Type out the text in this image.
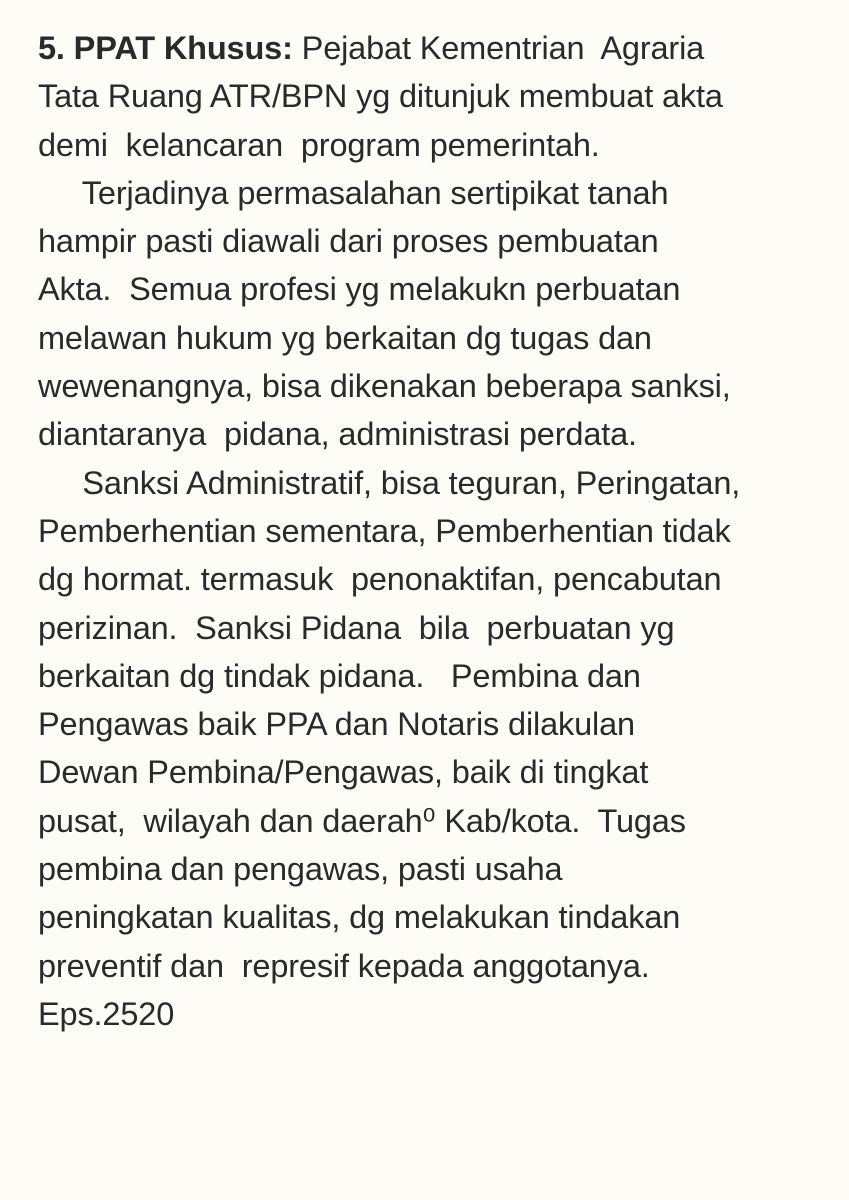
5. PPAT Khusus: Pejabat Kementrian  Agraria
Tata Ruang ATR/BPN yg ditunjuk membuat akta
demi  kelancaran  program pemerintah.
Terjadinya permasalahan sertipikat tanah
hampir pasti diawali dari proses pembuatan
Akta.  Semua profesi yg melakukn perbuatan
melawan hukum yg berkaitan dg tugas dan
wewenangnya, bisa dikenakan beberapa sanksi,
diantaranya  pidana, administrasi perdata.
Sanksi Administratif, bisa teguran, Peringatan,
Pemberhentian sementara, Pemberhentian tidak
dg hormat. termasuk  penonaktifan, pencabutan
perizinan.  Sanksi Pidana  bila  perbuatan yg
berkaitan dg tindak pidana.   Pembina dan
Pengawas baik PPA dan Notaris dilakulan
Dewan Pembina/Pengawas, baik di tingkat
pusat,  wilayah dan daerah⁰ Kab/kota.  Tugas
pembina dan pengawas, pasti usaha
peningkatan kualitas, dg melakukan tindakan
preventif dan  represif kepada anggotanya.
Eps.2520
